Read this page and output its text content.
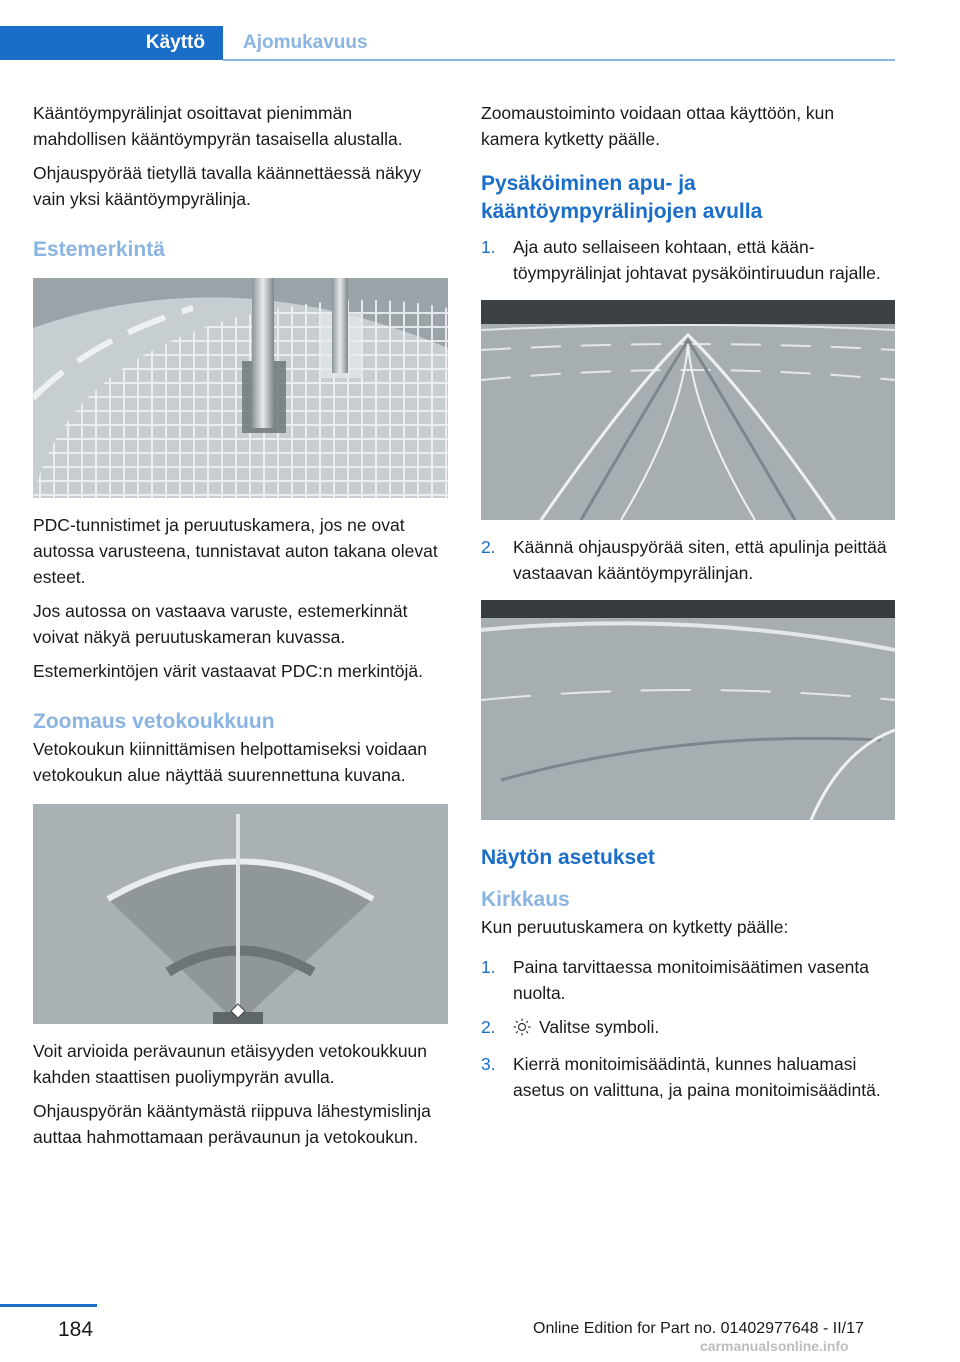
Käyttö Ajomukavuus

Kääntöympyrälinjat osoittavat pienimmän mahdollisen kääntöympyrän tasaisella alustalla.

Ohjauspyörää tietyllä tavalla käännettäessä näkyy vain yksi kääntöympyrälinja.

Estemerkintä

PDC-tunnistimet ja peruutuskamera, jos ne ovat autossa varusteena, tunnistavat auton takana olevat esteet.

Jos autossa on vastaava varuste, estemerkinnät voivat näkyä peruutuskameran kuvassa.

Estemerkintöjen värit vastaavat PDC:n merkintöjä.

Zoomaus vetokoukkuun

Vetokoukun kiinnittämisen helpottamiseksi voidaan vetokoukun alue näyttää suurennettuna kuvana.

Voit arvioida perävaunun etäisyyden vetokoukkuun kahden staattisen puoliympyrän avulla.

Ohjauspyörän kääntymästä riippuva lähestymislinja auttaa hahmottamaan perävaunun ja vetokoukun.

Zoomaustoiminto voidaan ottaa käyttöön, kun kamera kytketty päälle.

Pysäköiminen apu- ja kääntöympyrälinjojen avulla
1. Aja auto sellaiseen kohtaan, että kääntöympyrälinjat johtavat pysäköintiruudun rajalle.
2. Käännä ohjauspyörää siten, että apulinja peittää vastaavan kääntöympyrälinjan.
Näytön asetukset
Kirkkaus

Kun peruutuskamera on kytketty päälle:

1. Paina tarvittaessa monitoimisäätimen vasenta nuolta.
2. Valitse symboli.
3. Kierrä monitoimisäädintä, kunnes haluamasi asetus on valittuna, ja paina monitoimisäädintä.
184	Online Edition for Part no. 01402977648 - II/17
carmanualsonline.info
